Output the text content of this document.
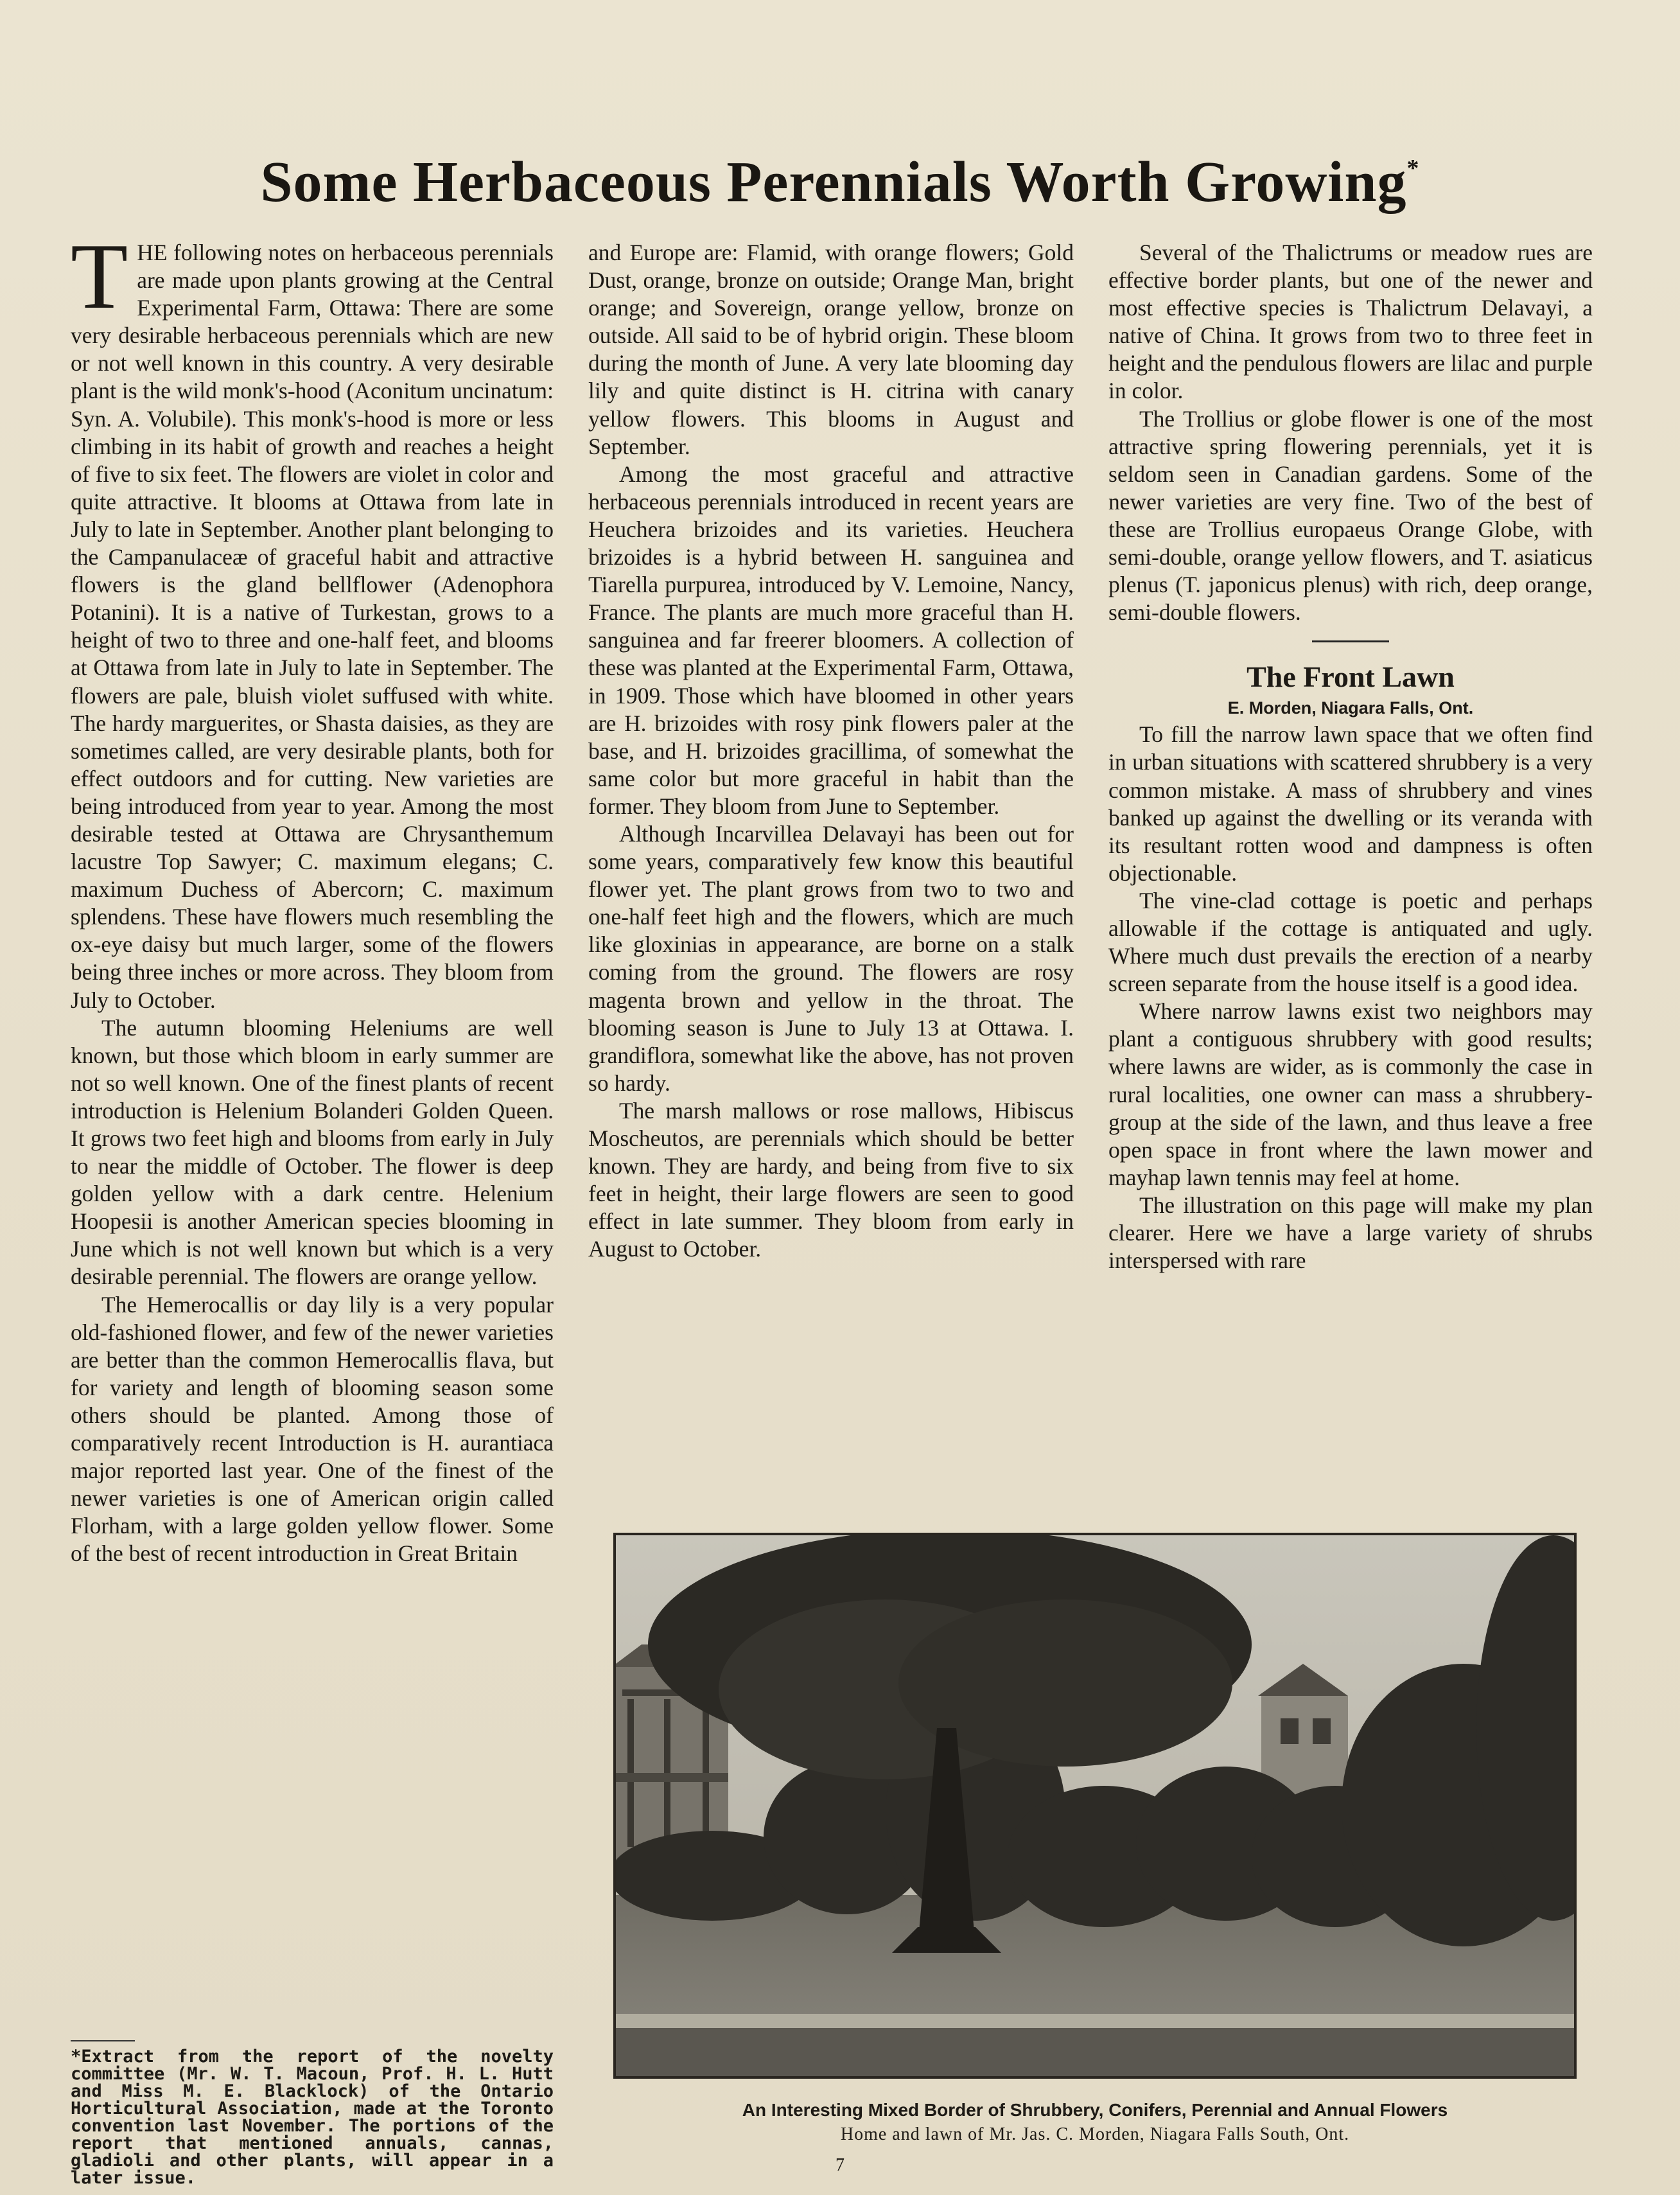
Some Herbaceous Perennials Worth Growing*

THE following notes on herbaceous perennials are made upon plants growing at the Central Experimental Farm, Ottawa: There are some very desirable herbaceous perennials which are new or not well known in this country. A very desirable plant is the wild monk's-hood (Aconitum uncinatum: Syn. A. Volubile). This monk's-hood is more or less climbing in its habit of growth and reaches a height of five to six feet. The flowers are violet in color and quite attractive. It blooms at Ottawa from late in July to late in September. Another plant belonging to the Campanulaceæ of graceful habit and attractive flowers is the gland bellflower (Adenophora Potanini). It is a native of Turkestan, grows to a height of two to three and one-half feet, and blooms at Ottawa from late in July to late in September. The flowers are pale, bluish violet suffused with white. The hardy marguerites, or Shasta daisies, as they are sometimes called, are very desirable plants, both for effect outdoors and for cutting. New varieties are being introduced from year to year. Among the most desirable tested at Ottawa are Chrysanthemum lacustre Top Sawyer; C. maximum elegans; C. maximum Duchess of Abercorn; C. maximum splendens. These have flowers much resembling the ox-eye daisy but much larger, some of the flowers being three inches or more across. They bloom from July to October.

The autumn blooming Heleniums are well known, but those which bloom in early summer are not so well known. One of the finest plants of recent introduction is Helenium Bolanderi Golden Queen. It grows two feet high and blooms from early in July to near the middle of October. The flower is deep golden yellow with a dark centre. Helenium Hoopesii is another American species blooming in June which is not well known but which is a very desirable perennial. The flowers are orange yellow.

The Hemerocallis or day lily is a very popular old-fashioned flower, and few of the newer varieties are better than the common Hemerocallis flava, but for variety and length of blooming season some others should be planted. Among those of comparatively recent Introduction is H. aurantiaca major reported last year. One of the finest of the newer varieties is one of American origin called Florham, with a large golden yellow flower. Some of the best of recent introduction in Great Britain

and Europe are: Flamid, with orange flowers; Gold Dust, orange, bronze on outside; Orange Man, bright orange; and Sovereign, orange yellow, bronze on outside. All said to be of hybrid origin. These bloom during the month of June. A very late blooming day lily and quite distinct is H. citrina with canary yellow flowers. This blooms in August and September.

Among the most graceful and attractive herbaceous perennials introduced in recent years are Heuchera brizoides and its varieties. Heuchera brizoides is a hybrid between H. sanguinea and Tiarella purpurea, introduced by V. Lemoine, Nancy, France. The plants are much more graceful than H. sanguinea and far freerer bloomers. A collection of these was planted at the Experimental Farm, Ottawa, in 1909. Those which have bloomed in other years are H. brizoides with rosy pink flowers paler at the base, and H. brizoides gracillima, of somewhat the same color but more graceful in habit than the former. They bloom from June to September.

Although Incarvillea Delavayi has been out for some years, comparatively few know this beautiful flower yet. The plant grows from two to two and one-half feet high and the flowers, which are much like gloxinias in appearance, are borne on a stalk coming from the ground. The flowers are rosy magenta brown and yellow in the throat. The blooming season is June to July 13 at Ottawa. I. grandiflora, somewhat like the above, has not proven so hardy.

The marsh mallows or rose mallows, Hibiscus Moscheutos, are perennials which should be better known. They are hardy, and being from five to six feet in height, their large flowers are seen to good effect in late summer. They bloom from early in August to October.

Several of the Thalictrums or meadow rues are effective border plants, but one of the newer and most effective species is Thalictrum Delavayi, a native of China. It grows from two to three feet in height and the pendulous flowers are lilac and purple in color.

The Trollius or globe flower is one of the most attractive spring flowering perennials, yet it is seldom seen in Canadian gardens. Some of the newer varieties are very fine. Two of the best of these are Trollius europaeus Orange Globe, with semi-double, orange yellow flowers, and T. asiaticus plenus (T. japonicus plenus) with rich, deep orange, semi-double flowers.

The Front Lawn

E. Morden, Niagara Falls, Ont.

To fill the narrow lawn space that we often find in urban situations with scattered shrubbery is a very common mistake. A mass of shrubbery and vines banked up against the dwelling or its veranda with its resultant rotten wood and dampness is often objectionable.

The vine-clad cottage is poetic and perhaps allowable if the cottage is antiquated and ugly. Where much dust prevails the erection of a nearby screen separate from the house itself is a good idea.

Where narrow lawns exist two neighbors may plant a contiguous shrubbery with good results; where lawns are wider, as is commonly the case in rural localities, one owner can mass a shrubbery-group at the side of the lawn, and thus leave a free open space in front where the lawn mower and mayhap lawn tennis may feel at home.

The illustration on this page will make my plan clearer. Here we have a large variety of shrubs interspersed with rare

*Extract from the report of the novelty committee (Mr. W. T. Macoun, Prof. H. L. Hutt and Miss M. E. Blacklock) of the Ontario Horticultural Association, made at the Toronto convention last November. The portions of the report that mentioned annuals, cannas, gladioli and other plants, will appear in a later issue.

An Interesting Mixed Border of Shrubbery, Conifers, Perennial and Annual Flowers
Home and lawn of Mr. Jas. C. Morden, Niagara Falls South, Ont.
7
